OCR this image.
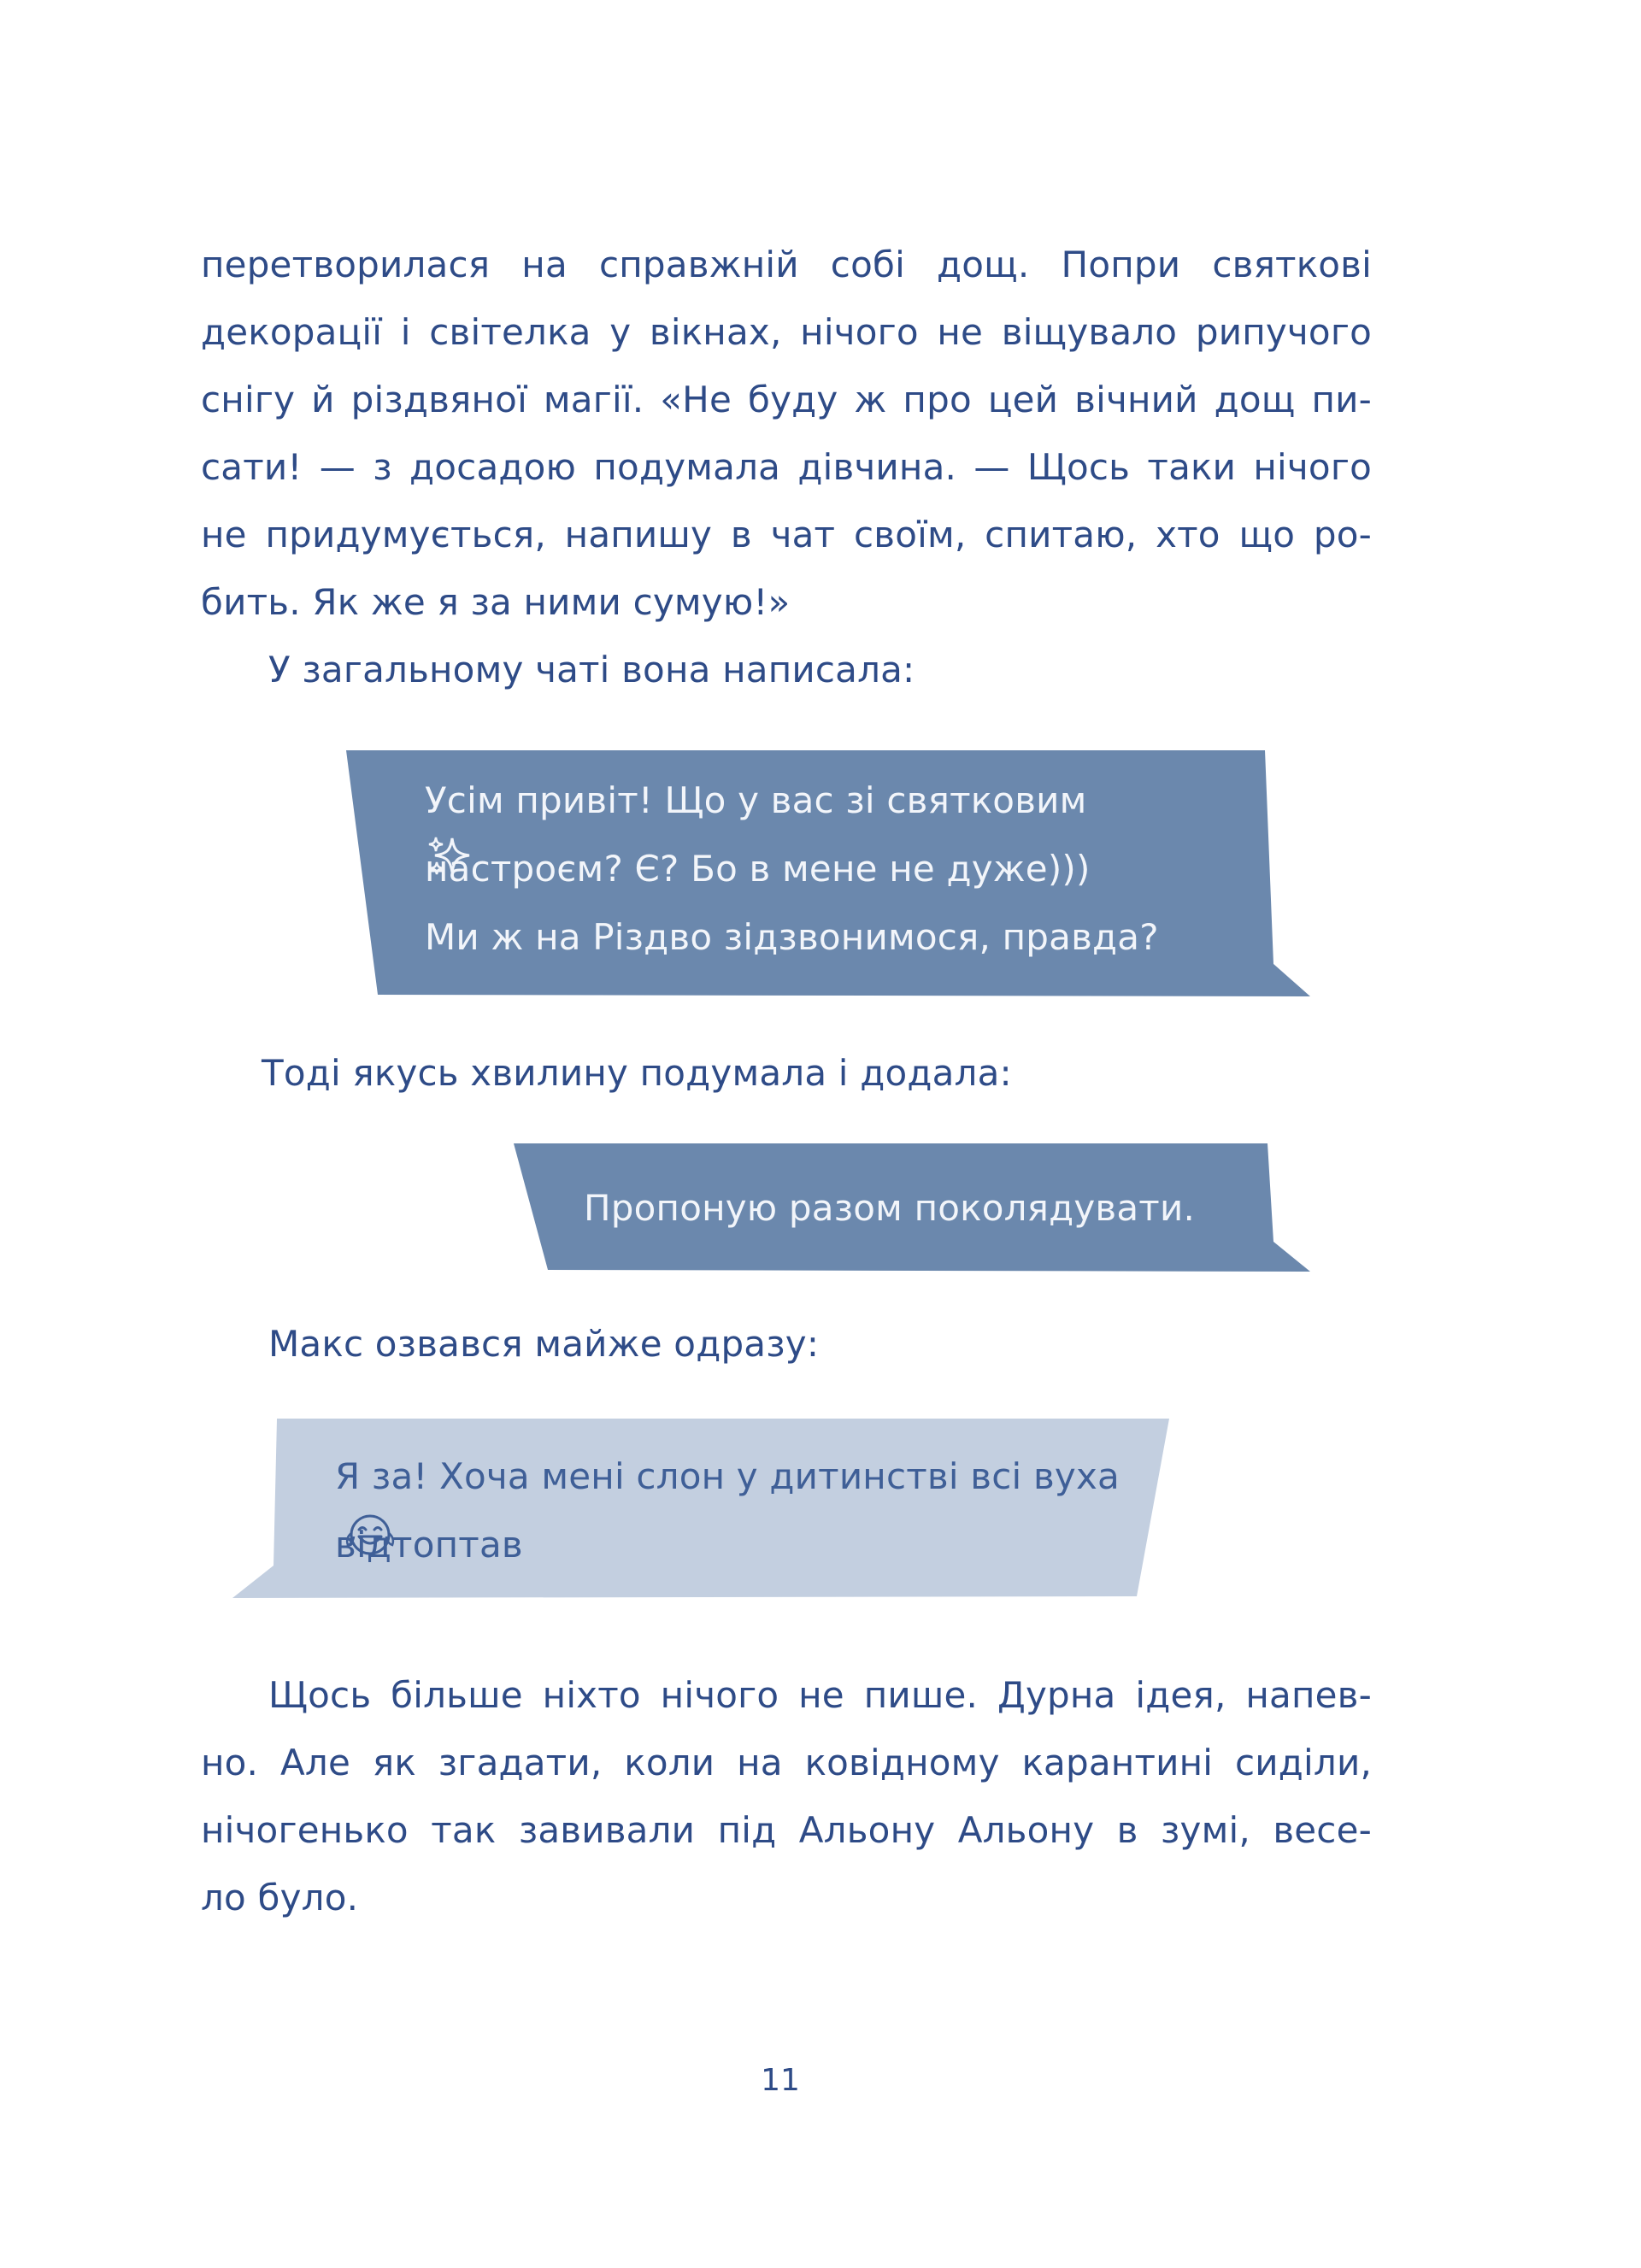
перетворилася на справжній собі дощ. Попри святкові
декорації і світелка у вікнах, нічого не віщувало рипучого
снігу й різдвяної магії. «Не буду ж про цей вічний дощ пи-
сати! — з досадою подумала дівчина. — Щось таки нічого
не придумується, напишу в чат своїм, спитаю, хто що ро-
бить. Як же я за ними сумую!»
У загальному чаті вона написала:
Усім привіт! Що у вас зі святковим
настроєм? Є? Бо в мене не дуже)))
Ми ж на Різдво зідзвонимося, правда?
Тоді якусь хвилину подумала і додала:
Пропоную разом поколядувати.
Макс озвався майже одразу:
Я за! Хоча мені слон у дитинстві всі вуха
відтоптав
Щось більше ніхто нічого не пише. Дурна ідея, напев-
но. Але як згадати, коли на ковідному карантині сиділи,
нічогенько так завивали під Альону Альону в зумі, весе-
ло було.
11
